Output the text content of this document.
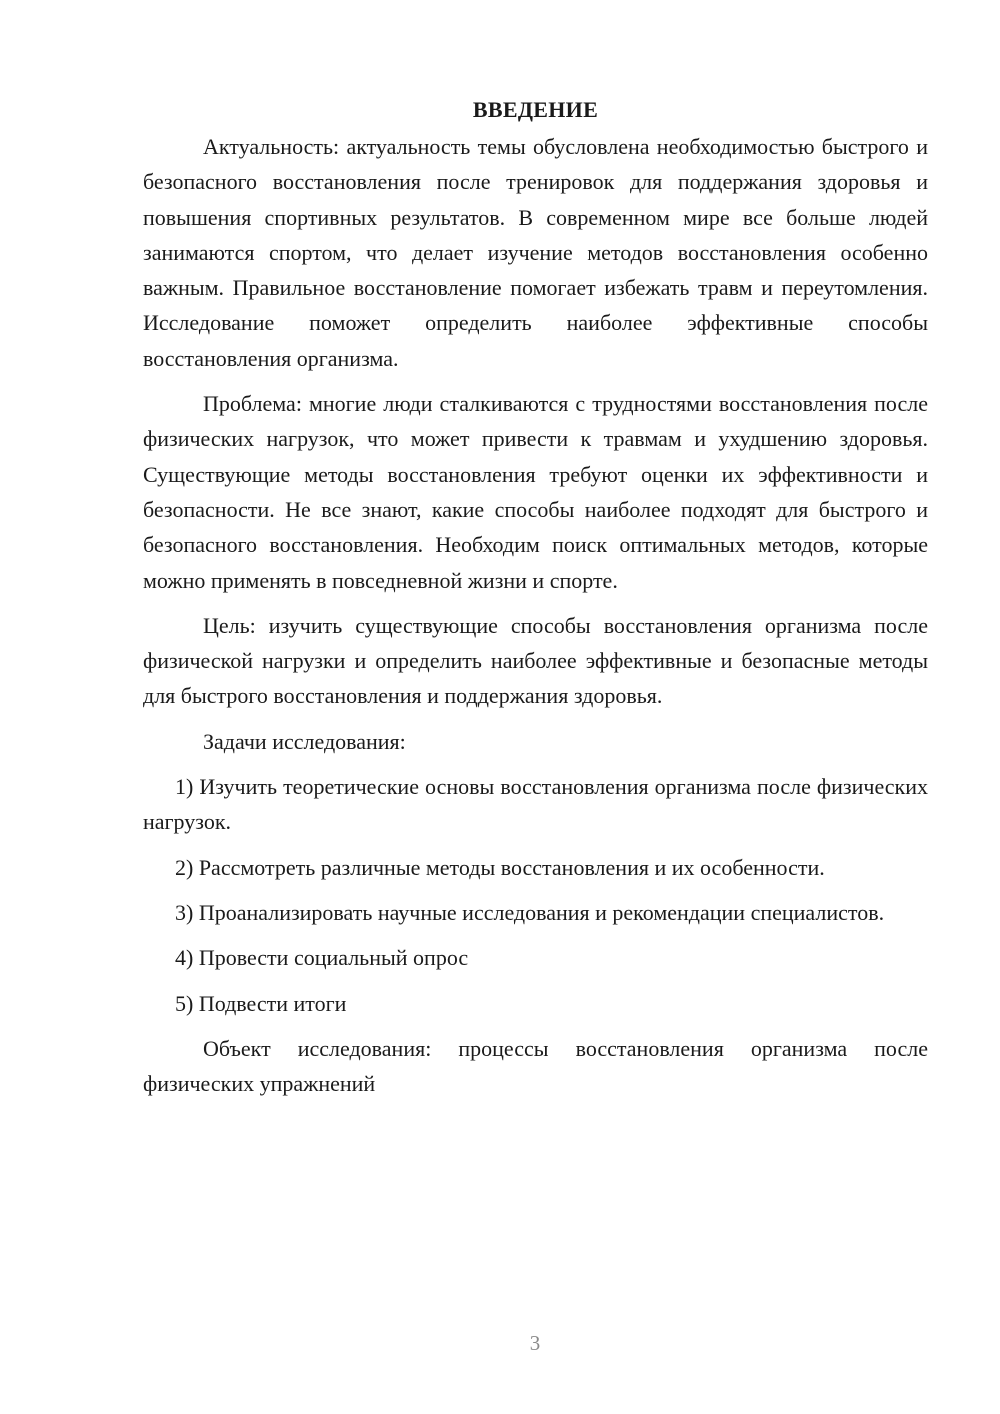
ВВЕДЕНИЕ

Актуальность: актуальность темы обусловлена необходимостью быстрого и безопасного восстановления после тренировок для поддержания здоровья и повышения спортивных результатов. В современном мире все больше людей занимаются спортом, что делает изучение методов восстановления особенно важным. Правильное восстановление помогает избежать травм и переутомления. Исследование поможет определить наиболее эффективные способы восстановления организма.

Проблема: многие люди сталкиваются с трудностями восстановления после физических нагрузок, что может привести к травмам и ухудшению здоровья. Существующие методы восстановления требуют оценки их эффективности и безопасности. Не все знают, какие способы наиболее подходят для быстрого и безопасного восстановления. Необходим поиск оптимальных методов, которые можно применять в повседневной жизни и спорте.

Цель: изучить существующие способы восстановления организма после физической нагрузки и определить наиболее эффективные и безопасные методы для быстрого восстановления и поддержания здоровья.

Задачи исследования:

1) Изучить теоретические основы восстановления организма после физических нагрузок.

2) Рассмотреть различные методы восстановления и их особенности.

3) Проанализировать научные исследования и рекомендации специалистов.

4) Провести социальный опрос

5) Подвести итоги

Объект исследования: процессы восстановления организма после физических упражнений

3
